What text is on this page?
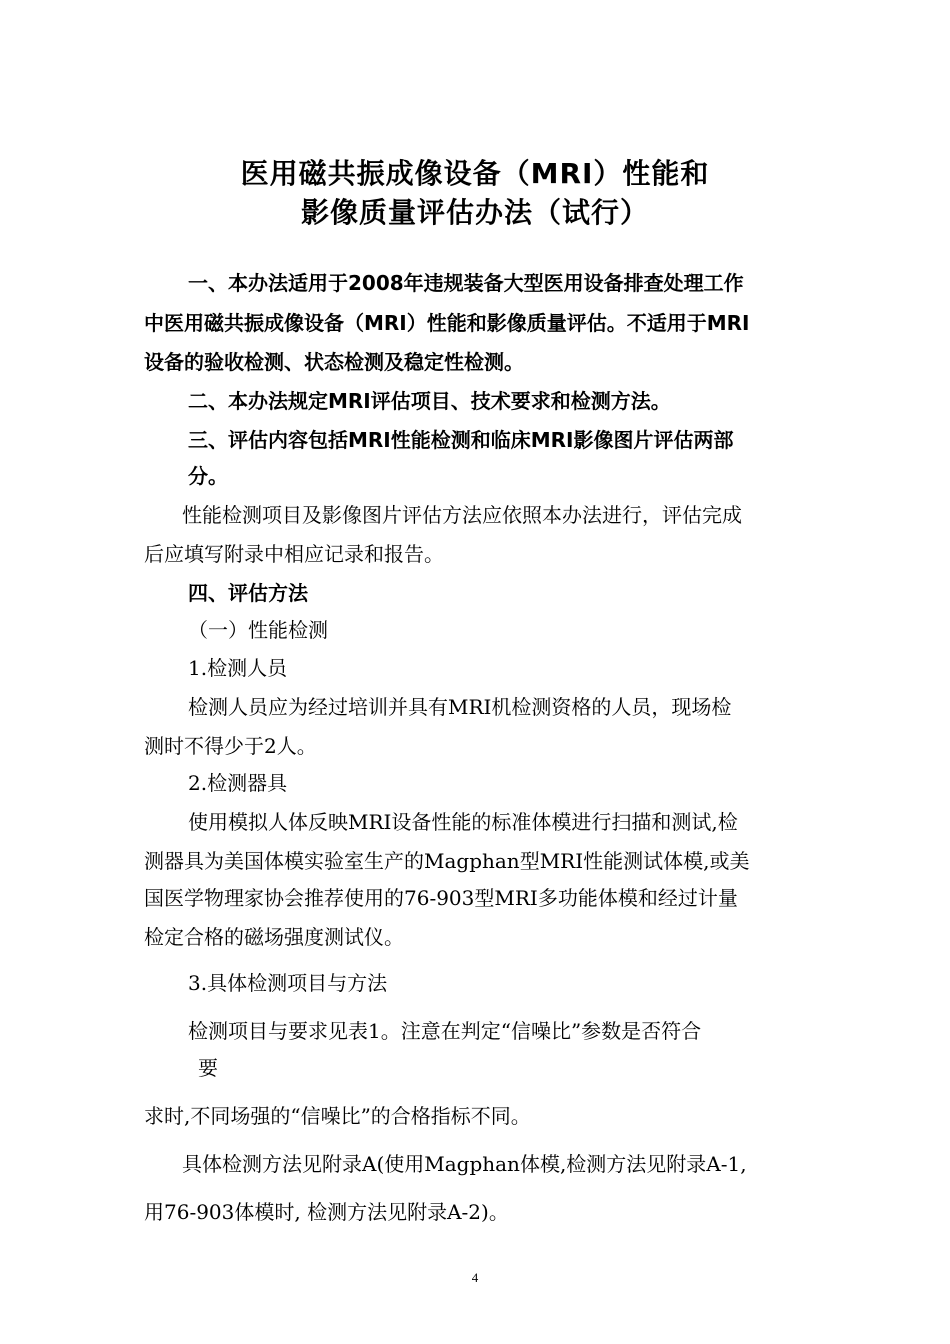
医用磁共振成像设备（MRI）性能和
影像质量评估办法（试行）
一、本办法适用于2008年违规装备大型医用设备排查处理工作
中医用磁共振成像设备（MRI）性能和影像质量评估。不适用于MRI
设备的验收检测、状态检测及稳定性检测。
二、本办法规定MRI评估项目、技术要求和检测方法。
三、评估内容包括MRI性能检测和临床MRI影像图片评估两部
分。
性能检测项目及影像图片评估方法应依照本办法进行，评估完成
后应填写附录中相应记录和报告。
四、评估方法
（一）性能检测
1.检测人员
检测人员应为经过培训并具有MRI机检测资格的人员，现场检
测时不得少于2人。
2.检测器具
使用模拟人体反映MRI设备性能的标准体模进行扫描和测试,检
测器具为美国体模实验室生产的Magphan型MRI性能测试体模,或美
国医学物理家协会推荐使用的76-903型MRI多功能体模和经过计量
检定合格的磁场强度测试仪。
3.具体检测项目与方法
检测项目与要求见表1。注意在判定“信噪比”参数是否符合
要
求时,不同场强的“信噪比”的合格指标不同。
具体检测方法见附录A(使用Magphan体模,检测方法见附录A-1,
用76-903体模时, 检测方法见附录A-2)。
4
